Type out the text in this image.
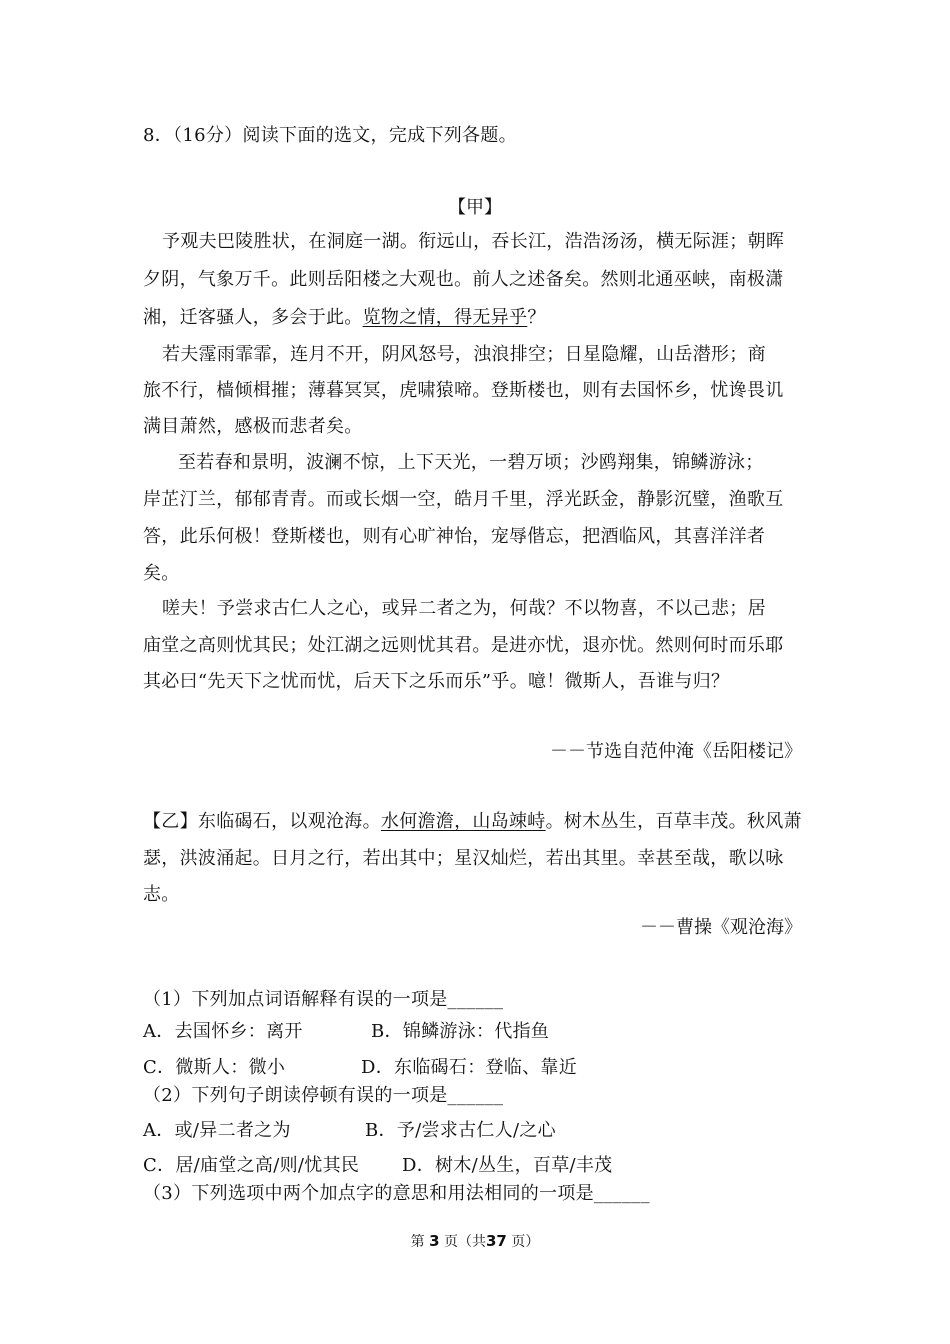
8．（16分）阅读下面的选文，完成下列各题。
【甲】
予观夫巴陵胜状，在洞庭一湖。衔远山，吞长江，浩浩汤汤，横无际涯；朝晖
夕阴，气象万千。此则岳阳楼之大观也。前人之述备矣。然则北通巫峡，南极潇
湘，迁客骚人，多会于此。览物之情，得无异乎？
若夫霪雨霏霏，连月不开，阴风怒号，浊浪排空；日星隐耀，山岳潜形；商
旅不行，樯倾楫摧；薄暮冥冥，虎啸猿啼。登斯楼也，则有去国怀乡，忧谗畏讥
满目萧然，感极而悲者矣。
至若春和景明，波澜不惊，上下天光，一碧万顷；沙鸥翔集，锦鳞游泳；
岸芷汀兰，郁郁青青。而或长烟一空，皓月千里，浮光跃金，静影沉璧，渔歌互
答，此乐何极！登斯楼也，则有心旷神怡，宠辱偕忘，把酒临风，其喜洋洋者
矣。
嗟夫！予尝求古仁人之心，或异二者之为，何哉？不以物喜，不以己悲；居
庙堂之高则忧其民；处江湖之远则忧其君。是进亦忧，退亦忧。然则何时而乐耶
其必曰“先天下之忧而忧，后天下之乐而乐”乎。噫！微斯人，吾谁与归？
－－节选自范仲淹《岳阳楼记》
【乙】东临碣石，以观沧海。水何澹澹，山岛竦峙。树木丛生，百草丰茂。秋风萧
瑟，洪波涌起。日月之行，若出其中；星汉灿烂，若出其里。幸甚至哉，歌以咏
志。
－－曹操《观沧海》
（1）下列加点词语解释有误的一项是______
A．去国怀乡：离开	B．锦鳞游泳：代指鱼
C．微斯人：微小	D．东临碣石：登临、靠近
（2）下列句子朗读停顿有误的一项是______
A．或/异二者之为	B．予/尝求古仁人/之心
C．居/庙堂之高/则/忧其民 D．树木/丛生，百草/丰茂
（3）下列选项中两个加点字的意思和用法相同的一项是______
第 3 页（共37 页）
